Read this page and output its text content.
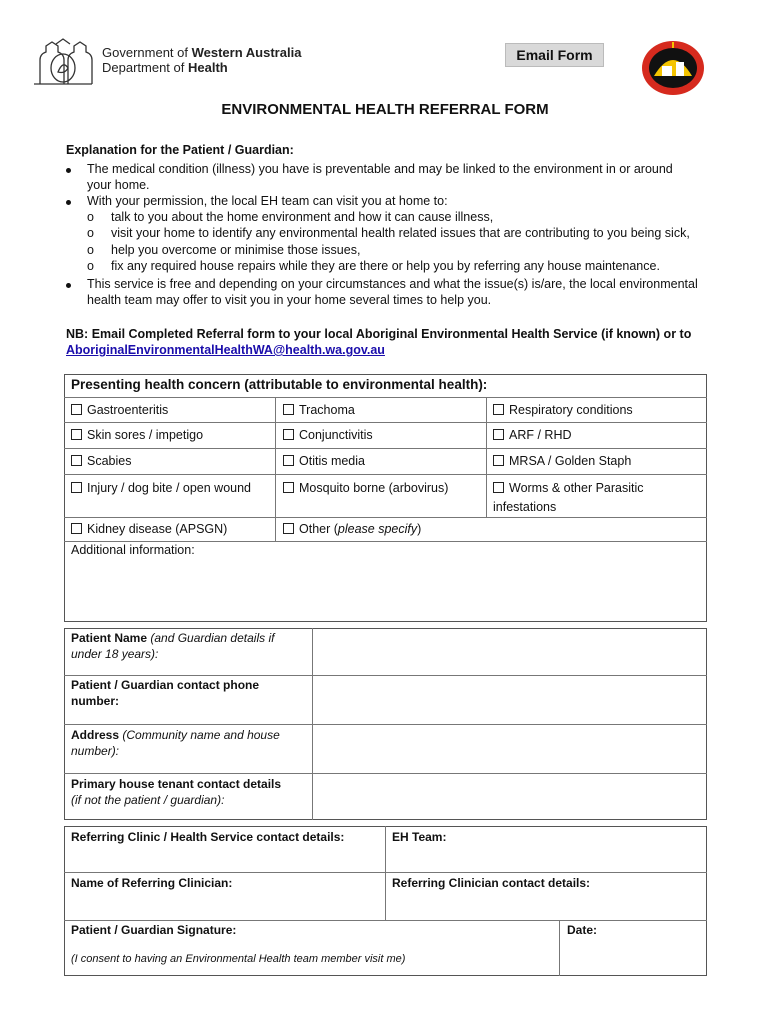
Government of Western Australia
Department of Health
Email Form
ENVIRONMENTAL HEALTH REFERRAL FORM
Explanation for the Patient / Guardian:
The medical condition (illness) you have is preventable and may be linked to the environment in or around
your home.
With your permission, the local EH team can visit you at home to:
o talk to you about the home environment and how it can cause illness,
o visit your home to identify any environmental health related issues that are contributing to you being sick,
o help you overcome or minimise those issues,
o fix any required house repairs while they are there or help you by referring any house maintenance.
This service is free and depending on your circumstances and what the issue(s) is/are, the local environmental
health team may offer to visit you in your home several times to help you.
NB: Email Completed Referral form to your local Aboriginal Environmental Health Service (if known) or to
AboriginalEnvironmentalHealthWA@health.wa.gov.au
Presenting health concern (attributable to environmental health):
Gastroenteritis	Trachoma	Respiratory conditions
Skin sores / impetigo	Conjunctivitis	ARF / RHD
Scabies	Otitis media	MRSA / Golden Staph
Injury / dog bite / open wound	Mosquito borne (arbovirus)	Worms & other Parasitic
infestations
Kidney disease (APSGN)	Other (please specify)
Additional information:
Patient Name (and Guardian details if
under 18 years):
Patient / Guardian contact phone
number:
Address (Community name and house
number):
Primary house tenant contact details
(if not the patient / guardian):
Referring Clinic / Health Service contact details:	EH Team:
Name of Referring Clinician:	Referring Clinician contact details:
Patient / Guardian Signature:	Date:
(I consent to having an Environmental Health team member visit me)
